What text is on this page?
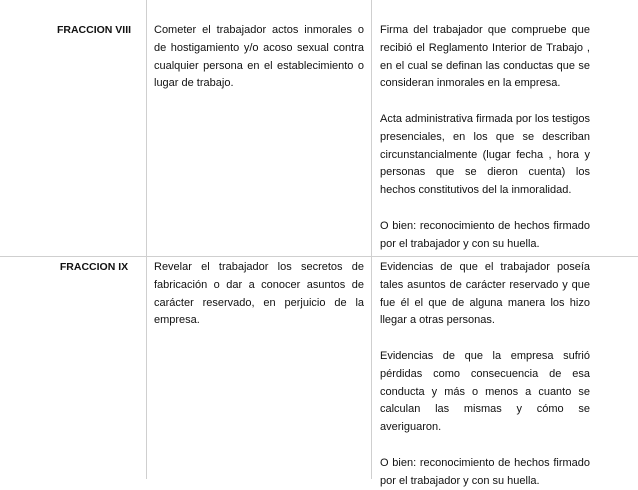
FRACCION VIII	Cometer el trabajador actos inmorales o de hostigamiento y/o acoso sexual contra cualquier persona en el establecimiento o lugar de trabajo.

Firma del trabajador que compruebe que recibió el Reglamento Interior de Trabajo , en el cual se definan las conductas que se consideran inmorales en la empresa.

Acta administrativa firmada por los testigos presenciales, en los que se describan circunstancialmente (lugar fecha , hora y personas que se dieron cuenta) los hechos constitutivos del la inmoralidad.

O bien: reconocimiento de hechos firmado por el trabajador y con su huella.

FRACCION IX	Revelar el trabajador los secretos de fabricación o dar a conocer asuntos de carácter reservado, en perjuicio de la empresa.

Evidencias de que el trabajador poseía tales asuntos de carácter reservado y que fue él el que de alguna manera los hizo llegar a otras personas.

Evidencias de que la empresa sufrió pérdidas como consecuencia de esa conducta y más o menos a cuanto se calculan las mismas y cómo se averiguaron.

O bien: reconocimiento de hechos firmado por el trabajador y con su huella.
